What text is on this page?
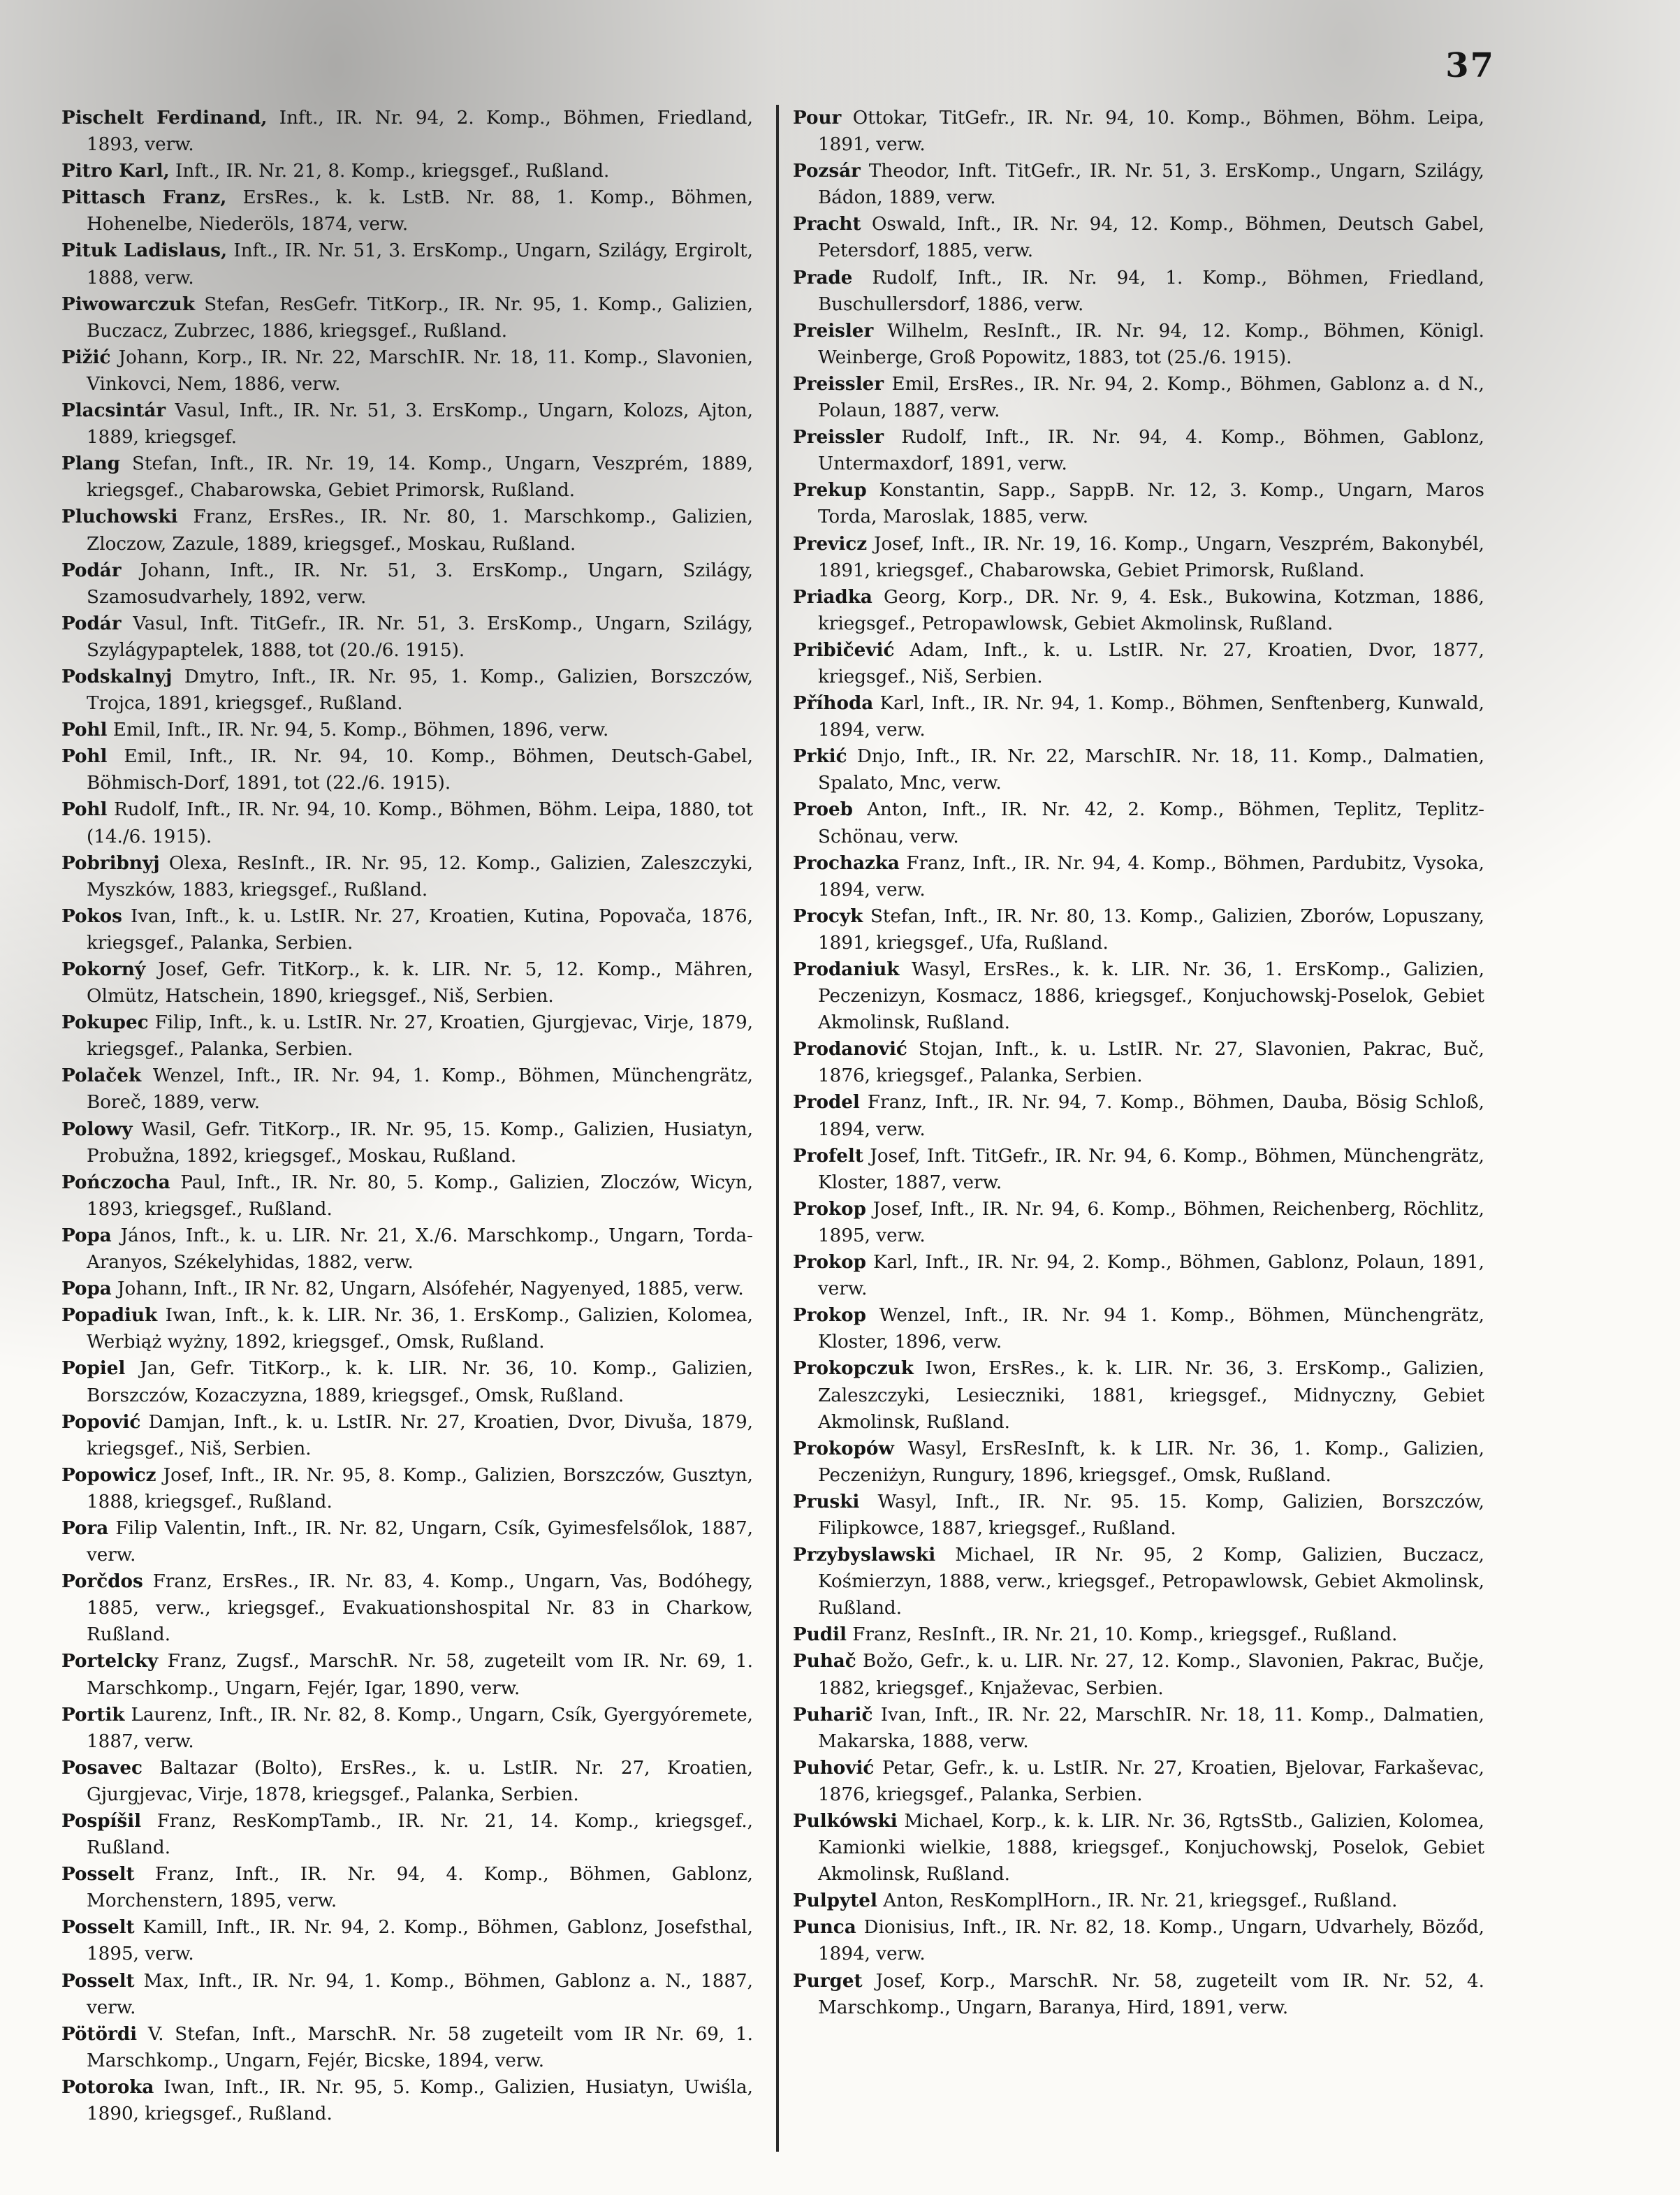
37
Pischelt Ferdinand, Inft., IR. Nr. 94, 2. Komp., Böhmen, Friedland, 1893, verw.
Pitro Karl, Inft., IR. Nr. 21, 8. Komp., kriegsgef., Rußland.
Pittasch Franz, ErsRes., k. k. LstB. Nr. 88, 1. Komp., Böhmen, Hohenelbe, Niederöls, 1874, verw.
Pituk Ladislaus, Inft., IR. Nr. 51, 3. ErsKomp., Ungarn, Szilágy, Ergirolt, 1888, verw.
Piwowarczuk Stefan, ResGefr. TitKorp., IR. Nr. 95, 1. Komp., Galizien, Buczacz, Zubrzec, 1886, kriegsgef., Rußland.
Pižić Johann, Korp., IR. Nr. 22, MarschIR. Nr. 18, 11. Komp., Slavonien, Vinkovci, Nem, 1886, verw.
Placsintár Vasul, Inft., IR. Nr. 51, 3. ErsKomp., Ungarn, Kolozs, Ajton, 1889, kriegsgef.
Plang Stefan, Inft., IR. Nr. 19, 14. Komp., Ungarn, Veszprém, 1889, kriegsgef., Chabarowska, Gebiet Primorsk, Rußland.
Pluchowski Franz, ErsRes., IR. Nr. 80, 1. Marschkomp., Galizien, Zloczow, Zazule, 1889, kriegsgef., Moskau, Rußland.
Podár Johann, Inft., IR. Nr. 51, 3. ErsKomp., Ungarn, Szilágy, Szamosudvarhely, 1892, verw.
Podár Vasul, Inft. TitGefr., IR. Nr. 51, 3. ErsKomp., Ungarn, Szilágy, Szylágypaptelek, 1888, tot (20./6. 1915).
Podskalnyj Dmytro, Inft., IR. Nr. 95, 1. Komp., Galizien, Borszczów, Trojca, 1891, kriegsgef., Rußland.
Pohl Emil, Inft., IR. Nr. 94, 5. Komp., Böhmen, 1896, verw.
Pohl Emil, Inft., IR. Nr. 94, 10. Komp., Böhmen, Deutsch-Gabel, Böhmisch-Dorf, 1891, tot (22./6. 1915).
Pohl Rudolf, Inft., IR. Nr. 94, 10. Komp., Böhmen, Böhm. Leipa, 1880, tot (14./6. 1915).
Pobribnyj Olexa, ResInft., IR. Nr. 95, 12. Komp., Galizien, Zaleszczyki, Myszków, 1883, kriegsgef., Rußland.
Pokos Ivan, Inft., k. u. LstIR. Nr. 27, Kroatien, Kutina, Popovača, 1876, kriegsgef., Palanka, Serbien.
Pokorný Josef, Gefr. TitKorp., k. k. LIR. Nr. 5, 12. Komp., Mähren, Olmütz, Hatschein, 1890, kriegsgef., Niš, Serbien.
Pokupec Filip, Inft., k. u. LstIR. Nr. 27, Kroatien, Gjurgjevac, Virje, 1879, kriegsgef., Palanka, Serbien.
Polaček Wenzel, Inft., IR. Nr. 94, 1. Komp., Böhmen, Münchengrätz, Boreč, 1889, verw.
Polowy Wasil, Gefr. TitKorp., IR. Nr. 95, 15. Komp., Galizien, Husiatyn, Probužna, 1892, kriegsgef., Moskau, Rußland.
Pończocha Paul, Inft., IR. Nr. 80, 5. Komp., Galizien, Zloczów, Wicyn, 1893, kriegsgef., Rußland.
Popa János, Inft., k. u. LIR. Nr. 21, X./6. Marschkomp., Ungarn, Torda-Aranyos, Székelyhidas, 1882, verw.
Popa Johann, Inft., IR Nr. 82, Ungarn, Alsófehér, Nagyenyed, 1885, verw.
Popadiuk Iwan, Inft., k. k. LIR. Nr. 36, 1. ErsKomp., Galizien, Kolomea, Werbiąż wyżny, 1892, kriegsgef., Omsk, Rußland.
Popiel Jan, Gefr. TitKorp., k. k. LIR. Nr. 36, 10. Komp., Galizien, Borszczów, Kozaczyzna, 1889, kriegsgef., Omsk, Rußland.
Popović Damjan, Inft., k. u. LstIR. Nr. 27, Kroatien, Dvor, Divuša, 1879, kriegsgef., Niš, Serbien.
Popowicz Josef, Inft., IR. Nr. 95, 8. Komp., Galizien, Borszczów, Gusztyn, 1888, kriegsgef., Rußland.
Pora Filip Valentin, Inft., IR. Nr. 82, Ungarn, Csík, Gyimesfelsőlok, 1887, verw.
Porčdos Franz, ErsRes., IR. Nr. 83, 4. Komp., Ungarn, Vas, Bodóhegy, 1885, verw., kriegsgef., Evakuationshospital Nr. 83 in Charkow, Rußland.
Portelcky Franz, Zugsf., MarschR. Nr. 58, zugeteilt vom IR. Nr. 69, 1. Marschkomp., Ungarn, Fejér, Igar, 1890, verw.
Portik Laurenz, Inft., IR. Nr. 82, 8. Komp., Ungarn, Csík, Gyergyóremete, 1887, verw.
Posavec Baltazar (Bolto), ErsRes., k. u. LstIR. Nr. 27, Kroatien, Gjurgjevac, Virje, 1878, kriegsgef., Palanka, Serbien.
Pospíšil Franz, ResKompTamb., IR. Nr. 21, 14. Komp., kriegsgef., Rußland.
Posselt Franz, Inft., IR. Nr. 94, 4. Komp., Böhmen, Gablonz, Morchenstern, 1895, verw.
Posselt Kamill, Inft., IR. Nr. 94, 2. Komp., Böhmen, Gablonz, Josefsthal, 1895, verw.
Posselt Max, Inft., IR. Nr. 94, 1. Komp., Böhmen, Gablonz a. N., 1887, verw.
Pötördi V. Stefan, Inft., MarschR. Nr. 58 zugeteilt vom IR Nr. 69, 1. Marschkomp., Ungarn, Fejér, Bicske, 1894, verw.
Potoroka Iwan, Inft., IR. Nr. 95, 5. Komp., Galizien, Husiatyn, Uwiśla, 1890, kriegsgef., Rußland.
Pour Ottokar, TitGefr., IR. Nr. 94, 10. Komp., Böhmen, Böhm. Leipa, 1891, verw.
Pozsár Theodor, Inft. TitGefr., IR. Nr. 51, 3. ErsKomp., Ungarn, Szilágy, Bádon, 1889, verw.
Pracht Oswald, Inft., IR. Nr. 94, 12. Komp., Böhmen, Deutsch Gabel, Petersdorf, 1885, verw.
Prade Rudolf, Inft., IR. Nr. 94, 1. Komp., Böhmen, Friedland, Buschullersdorf, 1886, verw.
Preisler Wilhelm, ResInft., IR. Nr. 94, 12. Komp., Böhmen, Königl. Weinberge, Groß Popowitz, 1883, tot (25./6. 1915).
Preissler Emil, ErsRes., IR. Nr. 94, 2. Komp., Böhmen, Gablonz a. d N., Polaun, 1887, verw.
Preissler Rudolf, Inft., IR. Nr. 94, 4. Komp., Böhmen, Gablonz, Untermaxdorf, 1891, verw.
Prekup Konstantin, Sapp., SappB. Nr. 12, 3. Komp., Ungarn, Maros Torda, Maroslak, 1885, verw.
Previcz Josef, Inft., IR. Nr. 19, 16. Komp., Ungarn, Veszprém, Bakonybél, 1891, kriegsgef., Chabarowska, Gebiet Primorsk, Rußland.
Priadka Georg, Korp., DR. Nr. 9, 4. Esk., Bukowina, Kotzman, 1886, kriegsgef., Petropawlowsk, Gebiet Akmolinsk, Rußland.
Pribičević Adam, Inft., k. u. LstIR. Nr. 27, Kroatien, Dvor, 1877, kriegsgef., Niš, Serbien.
Příhoda Karl, Inft., IR. Nr. 94, 1. Komp., Böhmen, Senftenberg, Kunwald, 1894, verw.
Prkić Dnjo, Inft., IR. Nr. 22, MarschIR. Nr. 18, 11. Komp., Dalmatien, Spalato, Mnc, verw.
Proeb Anton, Inft., IR. Nr. 42, 2. Komp., Böhmen, Teplitz, Teplitz-Schönau, verw.
Prochazka Franz, Inft., IR. Nr. 94, 4. Komp., Böhmen, Pardubitz, Vysoka, 1894, verw.
Procyk Stefan, Inft., IR. Nr. 80, 13. Komp., Galizien, Zborów, Lopuszany, 1891, kriegsgef., Ufa, Rußland.
Prodaniuk Wasyl, ErsRes., k. k. LIR. Nr. 36, 1. ErsKomp., Galizien, Peczenizyn, Kosmacz, 1886, kriegsgef., Konjuchowskj-Poselok, Gebiet Akmolinsk, Rußland.
Prodanović Stojan, Inft., k. u. LstIR. Nr. 27, Slavonien, Pakrac, Buč, 1876, kriegsgef., Palanka, Serbien.
Prodel Franz, Inft., IR. Nr. 94, 7. Komp., Böhmen, Dauba, Bösig Schloß, 1894, verw.
Profelt Josef, Inft. TitGefr., IR. Nr. 94, 6. Komp., Böhmen, Münchengrätz, Kloster, 1887, verw.
Prokop Josef, Inft., IR. Nr. 94, 6. Komp., Böhmen, Reichenberg, Röchlitz, 1895, verw.
Prokop Karl, Inft., IR. Nr. 94, 2. Komp., Böhmen, Gablonz, Polaun, 1891, verw.
Prokop Wenzel, Inft., IR. Nr. 94 1. Komp., Böhmen, Münchengrätz, Kloster, 1896, verw.
Prokopczuk Iwon, ErsRes., k. k. LIR. Nr. 36, 3. ErsKomp., Galizien, Zaleszczyki, Lesieczniki, 1881, kriegsgef., Midnyczny, Gebiet Akmolinsk, Rußland.
Prokopów Wasyl, ErsResInft, k. k LIR. Nr. 36, 1. Komp., Galizien, Peczeniżyn, Rungury, 1896, kriegsgef., Omsk, Rußland.
Pruski Wasyl, Inft., IR. Nr. 95. 15. Komp, Galizien, Borszczów, Filipkowce, 1887, kriegsgef., Rußland.
Przybyslawski Michael, IR Nr. 95, 2 Komp, Galizien, Buczacz, Kośmierzyn, 1888, verw., kriegsgef., Petropawlowsk, Gebiet Akmolinsk, Rußland.
Pudil Franz, ResInft., IR. Nr. 21, 10. Komp., kriegsgef., Rußland.
Puhač Božo, Gefr., k. u. LIR. Nr. 27, 12. Komp., Slavonien, Pakrac, Bučje, 1882, kriegsgef., Knjaževac, Serbien.
Puharič Ivan, Inft., IR. Nr. 22, MarschIR. Nr. 18, 11. Komp., Dalmatien, Makarska, 1888, verw.
Puhović Petar, Gefr., k. u. LstIR. Nr. 27, Kroatien, Bjelovar, Farkaševac, 1876, kriegsgef., Palanka, Serbien.
Pulkówski Michael, Korp., k. k. LIR. Nr. 36, RgtsStb., Galizien, Kolomea, Kamionki wielkie, 1888, kriegsgef., Konjuchowskj, Poselok, Gebiet Akmolinsk, Rußland.
Pulpytel Anton, ResKomplHorn., IR. Nr. 21, kriegsgef., Rußland.
Punca Dionisius, Inft., IR. Nr. 82, 18. Komp., Ungarn, Udvarhely, Böződ, 1894, verw.
Purget Josef, Korp., MarschR. Nr. 58, zugeteilt vom IR. Nr. 52, 4. Marschkomp., Ungarn, Baranya, Hird, 1891, verw.
